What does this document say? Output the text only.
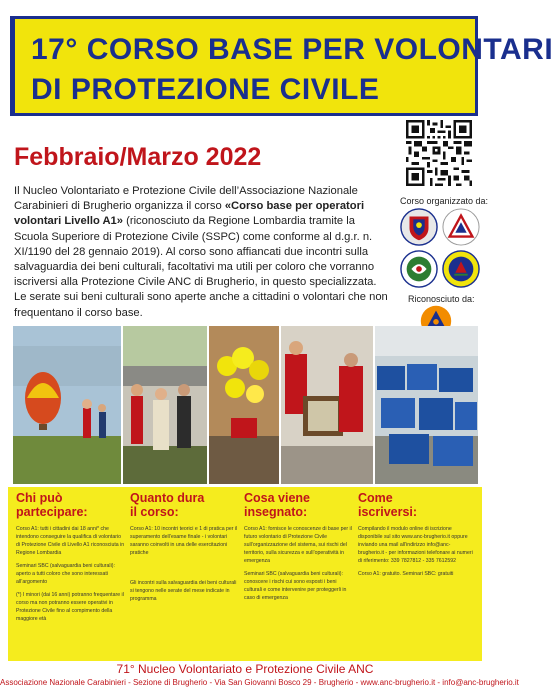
17° CORSO BASE PER VOLONTARI
DI PROTEZIONE CIVILE
Febbraio/Marzo 2022
Il Nucleo Volontariato e Protezione Civile dell’Associazione Nazionale Carabinieri di Brugherio organizza il corso «Corso base per operatori volontari Livello A1» (riconosciuto da Regione Lombardia tramite la Scuola Superiore di Protezione Civile (SSPC) come conforme al d.g.r. n. XI/1190 del 28 gennaio 2019). Al corso sono affiancati due incontri sulla salvaguardia dei beni culturali, facoltativi ma utili per coloro che vorranno iscriversi alla Protezione Civile ANC di Brugherio, in questo specializzata. Le serate sui beni culturali sono aperte anche a cittadini o volontari che non frequentano il corso base.
Corso organizzato da:
Riconosciuto da:
Chi può
partecipare:

Corso A1: tutti i cittadini dai 18 anni* che intendono conseguire la qualifica di volontario di Protezione Civile di Livello A1 riconosciuta in Regione Lombardia

Seminari SBC (salvaguardia beni culturali): aperto a tutti coloro che sono interessati all’argomento

(*) I minori (dai 16 anni) potranno frequentare il corso ma non potranno essere operativi in Protezione Civile fino al compimento della maggiore età

Quanto dura
il corso:

Corso A1: 10 incontri teorici e 1 di pratica per il superamento dell’esame finale - i volontari saranno coinvolti in una delle esercitazioni pratiche

Gli incontri sulla salvaguardia dei beni culturali si tengono nelle serate del mese indicate in programma

Cosa viene
insegnato:

Corso A1: fornisce le conoscenze di base per il futuro volontario di Protezione Civile sull’organizzazione del sistema, sui rischi del territorio, sulla sicurezza e sull’operatività in emergenza

Seminari SBC (salvaguardia beni culturali): conoscere i rischi cui sono esposti i beni culturali e come intervenire per proteggerli in caso di emergenza

Come
iscriversi:

Compilando il modulo online di iscrizione disponibile sul sito www.anc-brugherio.it oppure inviando una mail all’indirizzo info@anc-brugherio.it - per informazioni telefonare ai numeri di riferimento: 339 7827812 - 335 7612592

Corso A1: gratuito. Seminari SBC: gratuiti

71° Nucleo Volontariato e Protezione Civile ANC
Associazione Nazionale Carabinieri - Sezione di Brugherio - Via San Giovanni Bosco 29 - Brugherio - www.anc-brugherio.it - info@anc-brugherio.it
